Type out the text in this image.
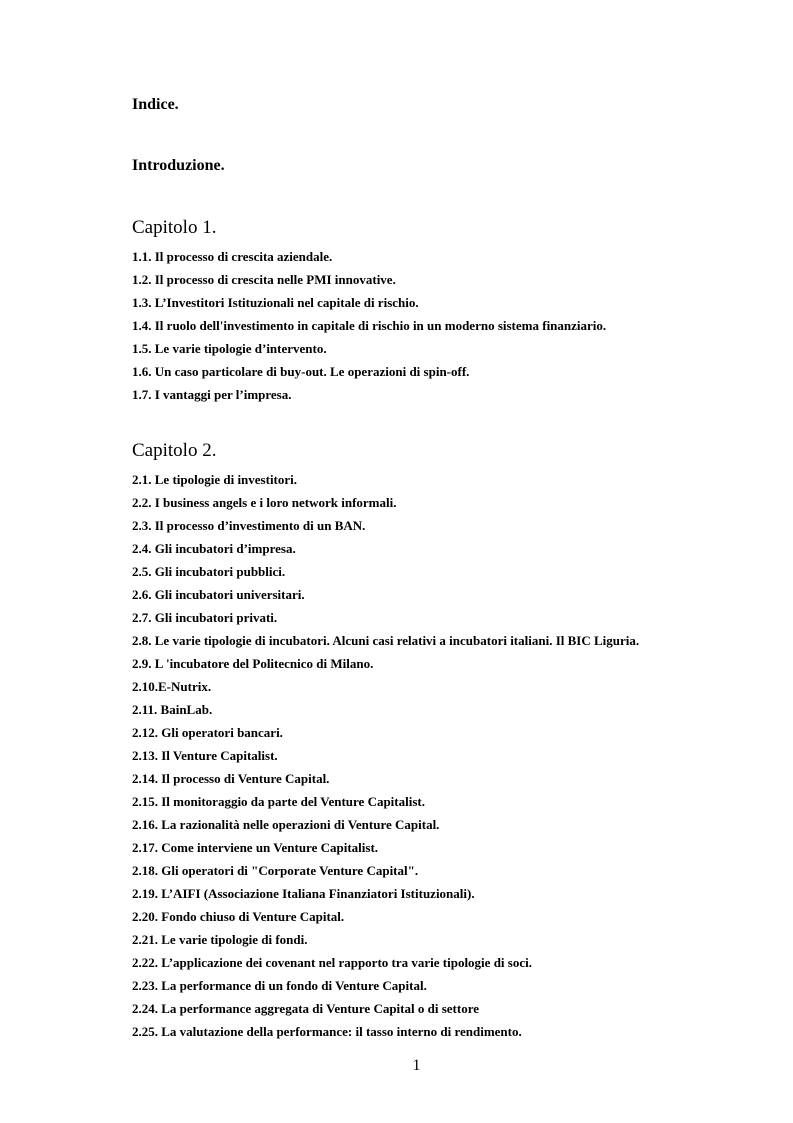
Indice.
Introduzione.
Capitolo 1.
1.1. Il processo di crescita aziendale.
1.2. Il processo di crescita nelle PMI innovative.
1.3. L’Investitori Istituzionali nel capitale di rischio.
1.4. Il ruolo dell'investimento in capitale di rischio in un moderno sistema finanziario.
1.5. Le varie tipologie d’intervento.
1.6. Un caso particolare di buy-out. Le operazioni di spin-off.
1.7. I vantaggi per l’impresa.
Capitolo 2.
2.1. Le tipologie di investitori.
2.2. I business angels e i loro network informali.
2.3. Il processo d’investimento di un BAN.
2.4. Gli incubatori d’impresa.
2.5. Gli incubatori pubblici.
2.6. Gli incubatori universitari.
2.7. Gli incubatori privati.
2.8. Le varie tipologie di incubatori. Alcuni casi relativi a incubatori italiani. Il BIC Liguria.
2.9. L 'incubatore del Politecnico di Milano.
2.10.E-Nutrix.
2.11. BainLab.
2.12. Gli operatori bancari.
2.13. Il Venture Capitalist.
2.14. Il processo di Venture Capital.
2.15. Il monitoraggio da parte del Venture Capitalist.
2.16. La razionalità nelle operazioni di Venture Capital.
2.17. Come interviene un Venture Capitalist.
2.18. Gli operatori di "Corporate Venture Capital".
2.19. L’AIFI (Associazione Italiana Finanziatori Istituzionali).
2.20. Fondo chiuso di Venture Capital.
2.21. Le varie tipologie di fondi.
2.22. L’applicazione dei covenant nel rapporto tra varie tipologie di soci.
2.23. La performance di un fondo di Venture Capital.
2.24. La performance aggregata di Venture Capital o di settore
2.25. La valutazione della performance: il tasso interno di rendimento.
1
